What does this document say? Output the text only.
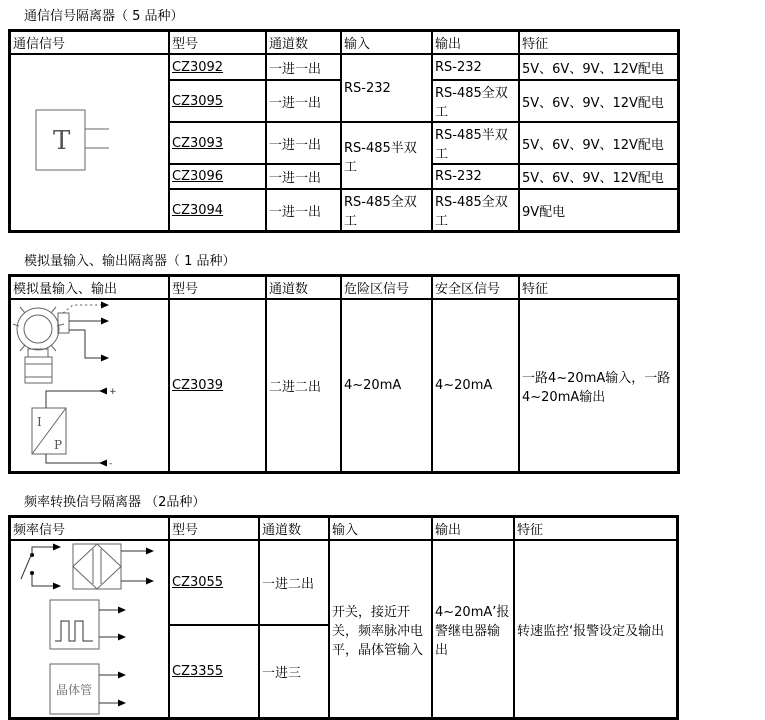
通信信号隔离器（ 5 品种）
通信信号	型号	通道数	输入	输出	特征

T	CZ3092	一进一出	RS-232	RS-232	5V、6V、9V、12V配电
	CZ3095	一进一出		RS-485全双工	5V、6V、9V、12V配电
	CZ3093	一进一出	RS-485半双工	RS-485半双工	5V、6V、9V、12V配电
	CZ3096	一进一出		RS-232	5V、6V、9V、12V配电
	CZ3094	一进一出	RS-485全双工	RS-485全双工	9V配电
模拟量输入、输出隔离器（ 1 品种）
模拟量输入、输出	型号	通道数	危险区信号	安全区信号	特征

I
P
+
-	CZ3039	二进二出	4~20mA	4~20mA	一路4~20mA输入，一路4~20mA输出
频率转换信号隔离器 （2品种）
频率信号	型号	通道数	输入	输出	特征

晶体管	CZ3055	一进二出	开关，接近开关，频率脉冲电平，晶体管输入	4~20mA’报警继电器输出	转速监控‘报警设定及输出
	CZ3355	一进三			
